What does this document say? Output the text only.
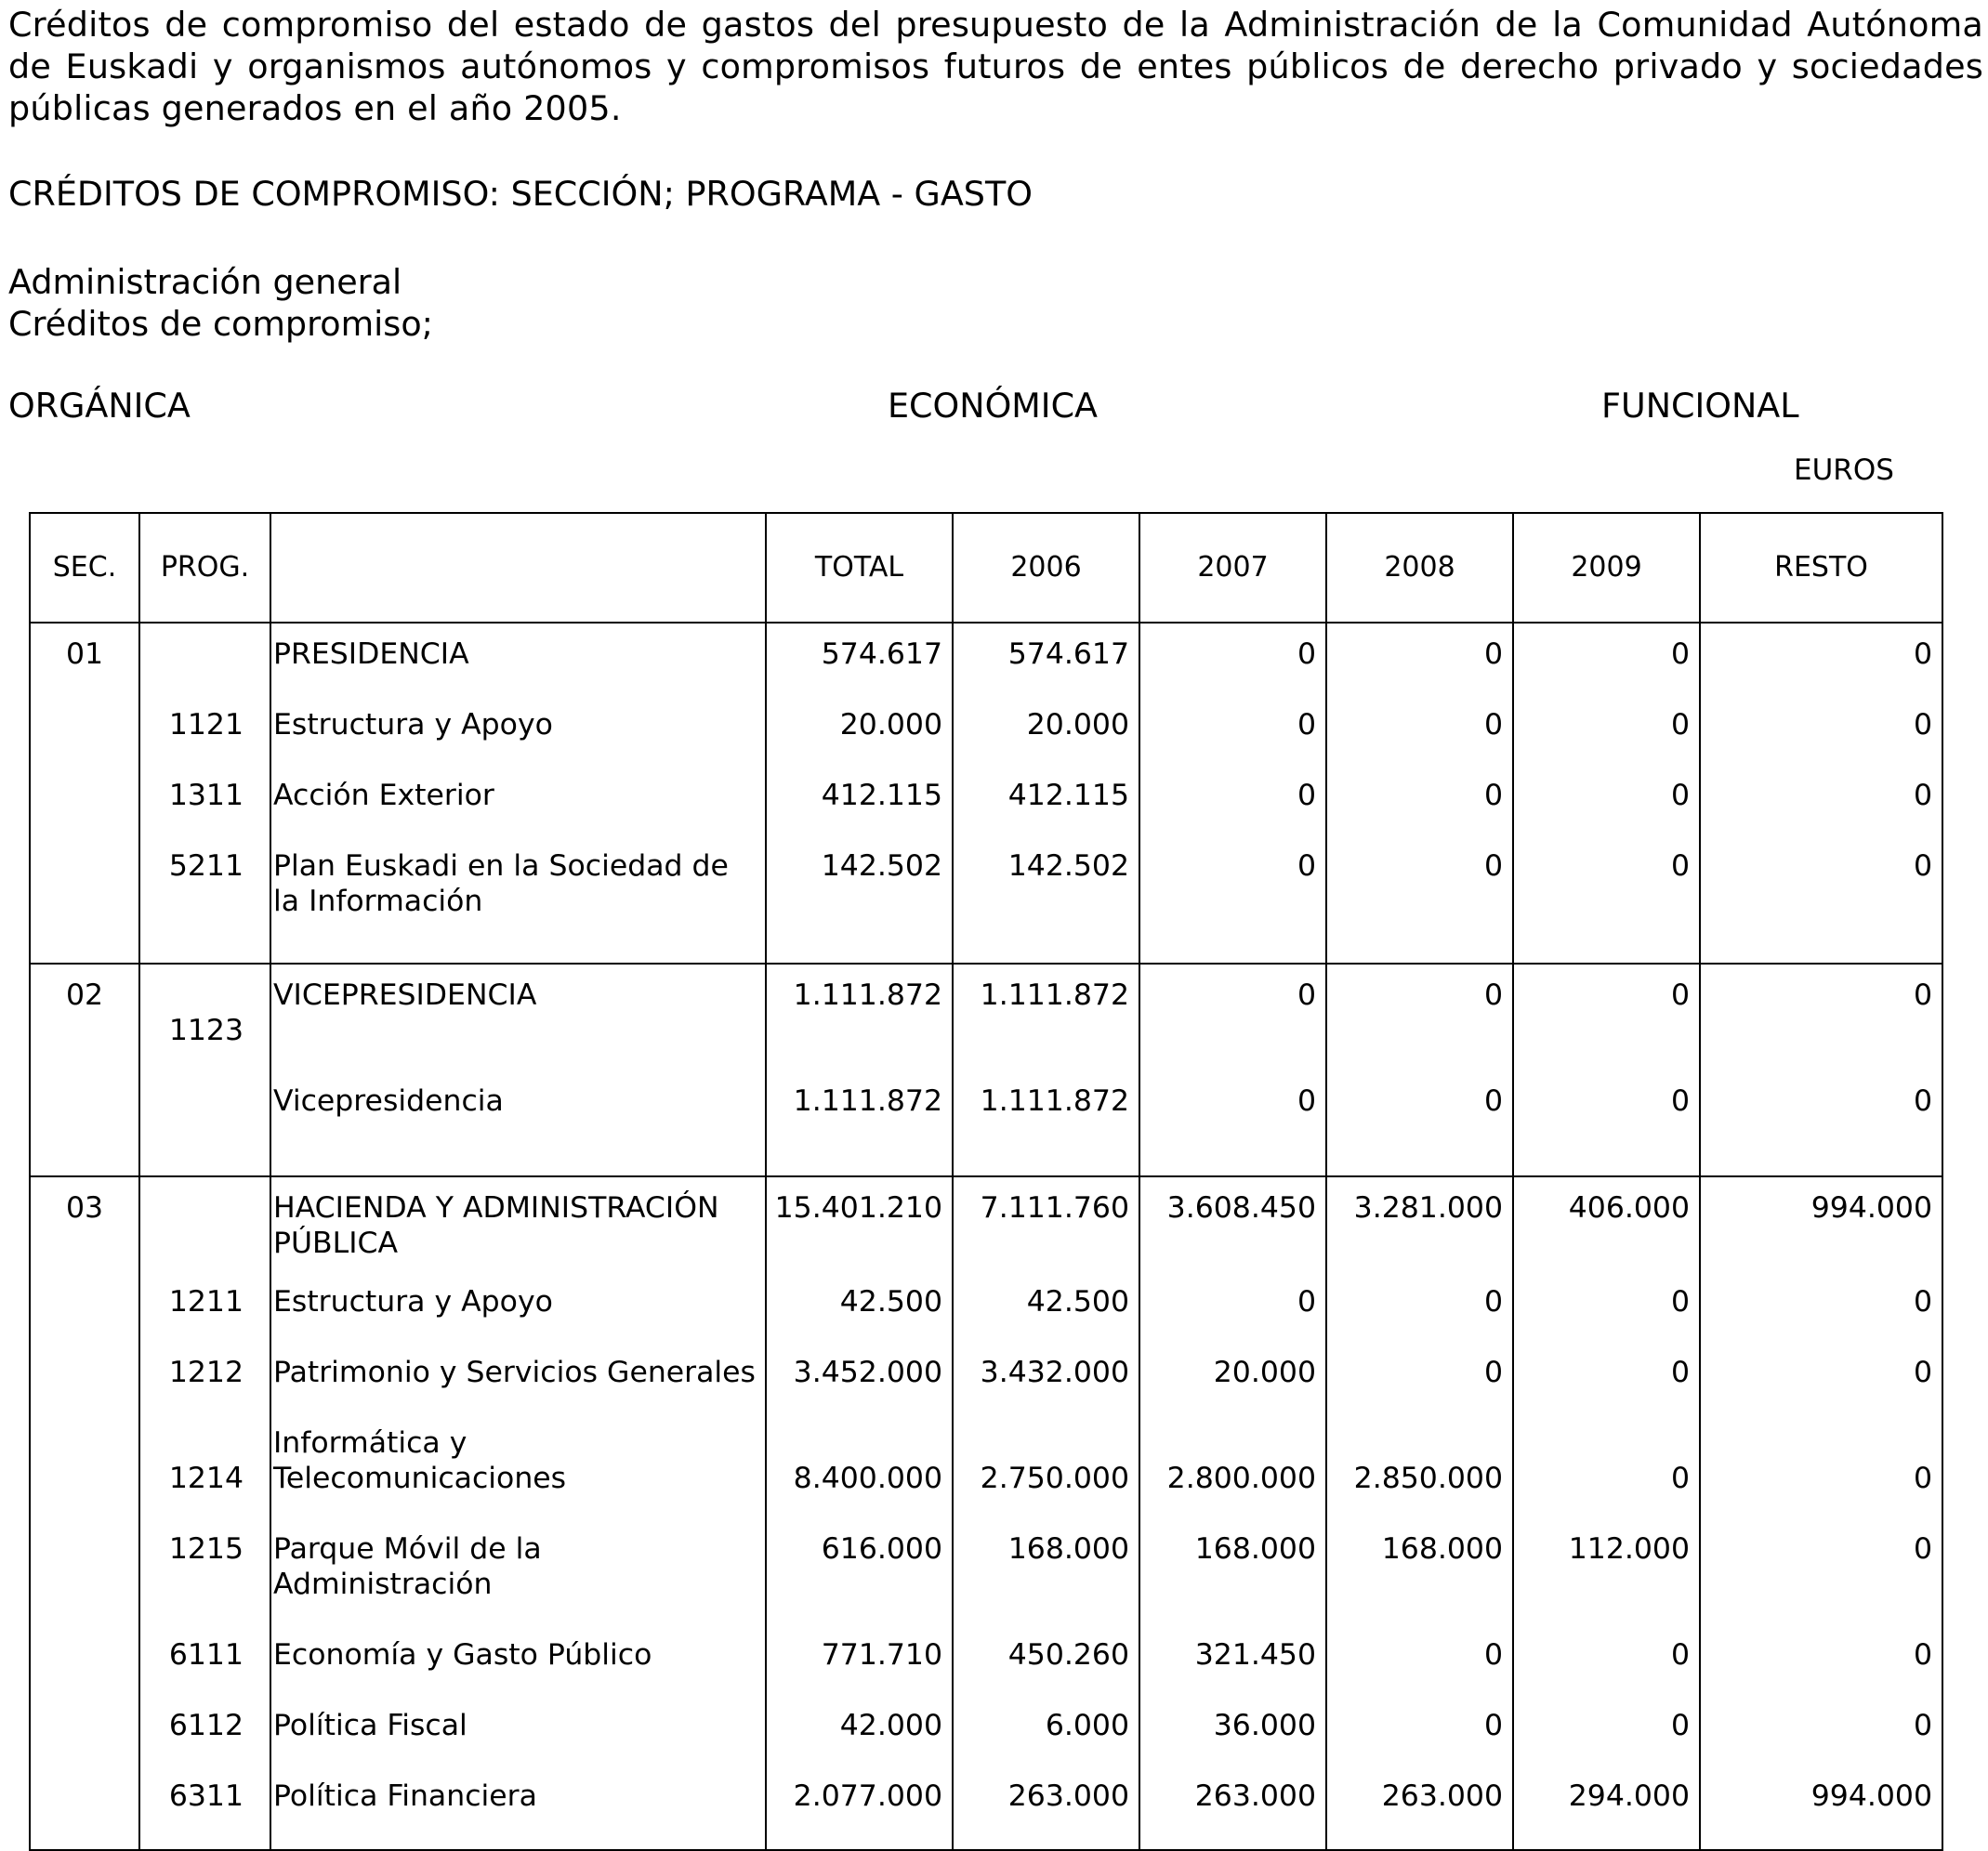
Créditos de compromiso del estado de gastos del presupuesto de la Administración de la Comunidad Autónoma de Euskadi y organismos autónomos y compromisos futuros de entes públicos de derecho privado y sociedades públicas generados en el año 2005.
CRÉDITOS DE COMPROMISO: SECCIÓN; PROGRAMA - GASTO
Administración general
Créditos de compromiso;
ORGÁNICA	ECONÓMICA	FUNCIONAL
EUROS
SEC.	PROG.		TOTAL	2006	2007	2008	2009	RESTO
01		PRESIDENCIA	574.617	574.617	0	0	0	0
	1121	Estructura y Apoyo	20.000	20.000	0	0	0	0
	1311	Acción Exterior	412.115	412.115	0	0	0	0
	5211	Plan Euskadi en la Sociedad de la Información	142.502	142.502	0	0	0	0
02	1123	VICEPRESIDENCIA	1.111.872	1.111.872	0	0	0	0
		Vicepresidencia	1.111.872	1.111.872	0	0	0	0
03		HACIENDA Y ADMINISTRACIÓN PÚBLICA	15.401.210	7.111.760	3.608.450	3.281.000	406.000	994.000
	1211	Estructura y Apoyo	42.500	42.500	0	0	0	0
	1212	Patrimonio y Servicios Generales	3.452.000	3.432.000	20.000	0	0	0
	1214	Informática y Telecomunicaciones	8.400.000	2.750.000	2.800.000	2.850.000	0	0
	1215	Parque Móvil de la Administración	616.000	168.000	168.000	168.000	112.000	0
	6111	Economía y Gasto Público	771.710	450.260	321.450	0	0	0
	6112	Política Fiscal	42.000	6.000	36.000	0	0	0
	6311	Política Financiera	2.077.000	263.000	263.000	263.000	294.000	994.000
